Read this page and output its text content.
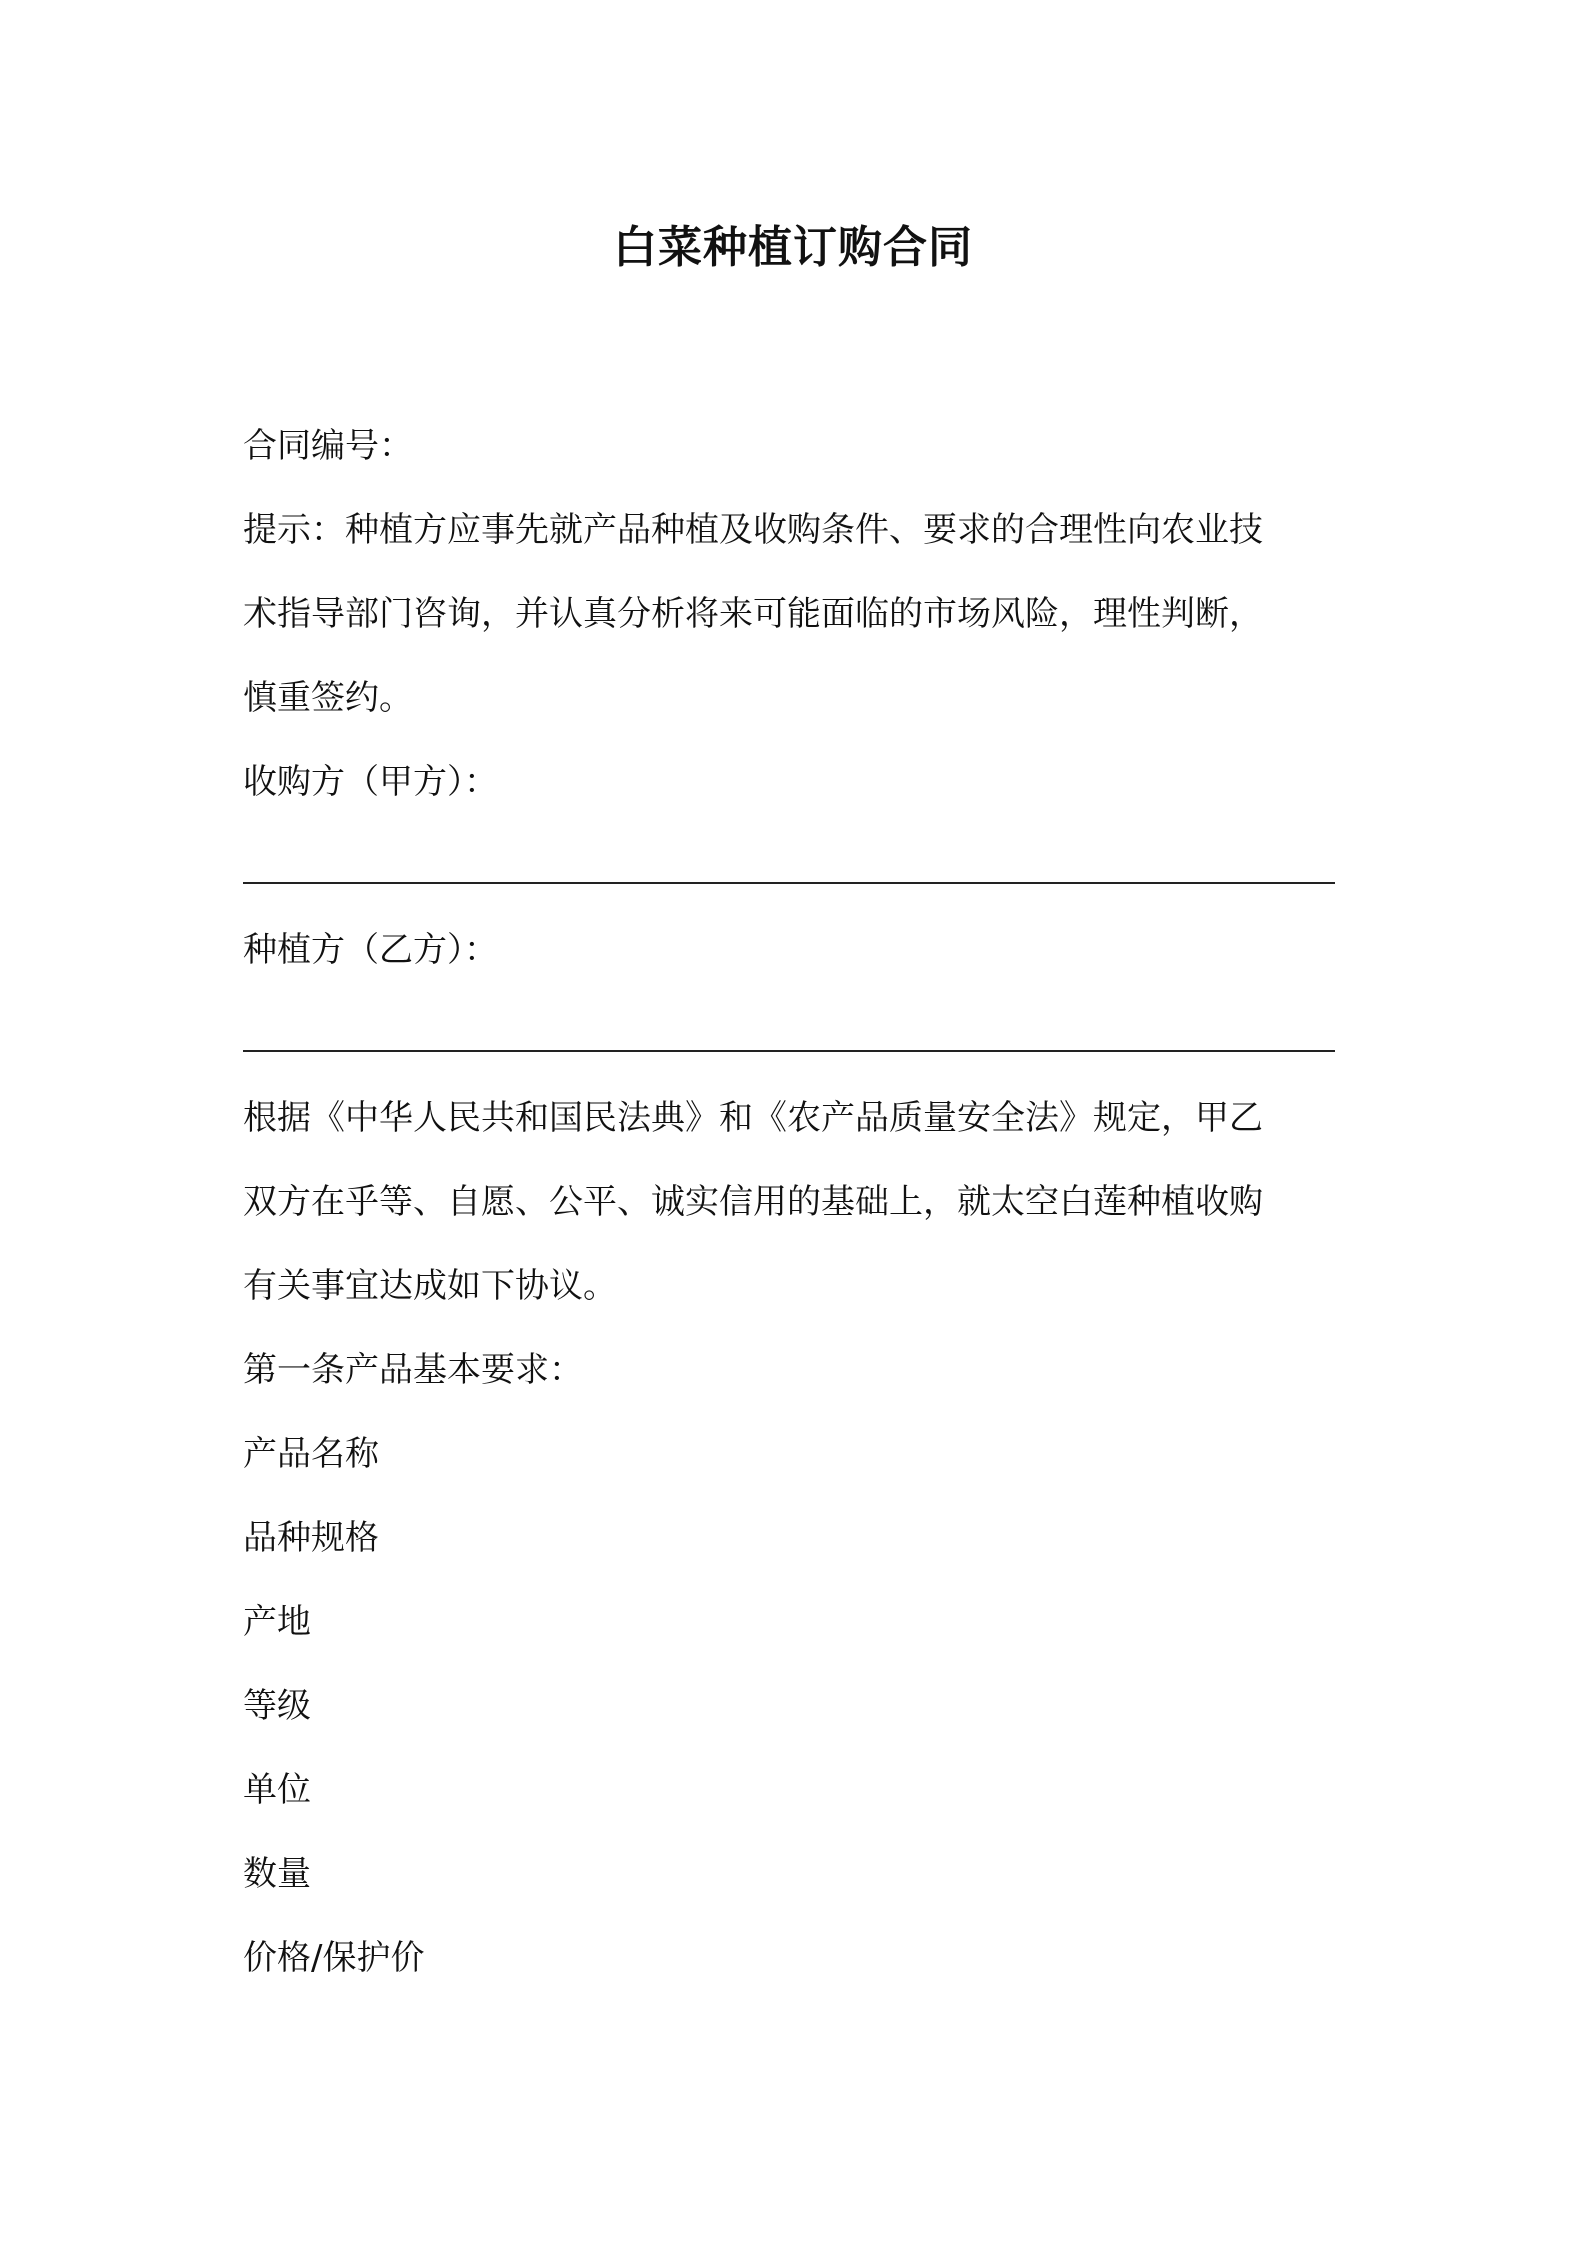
白菜种植订购合同
合同编号：
提示：种植方应事先就产品种植及收购条件、要求的合理性向农业技
术指导部门咨询，并认真分析将来可能面临的市场风险，理性判断，
慎重签约。
收购方（甲方）：
种植方（乙方）：
根据《中华人民共和国民法典》和《农产品质量安全法》规定，甲乙
双方在乎等、自愿、公平、诚实信用的基础上，就太空白莲种植收购
有关事宜达成如下协议。
第一条产品基本要求：
产品名称
品种规格
产地
等级
单位
数量
价格/保护价
